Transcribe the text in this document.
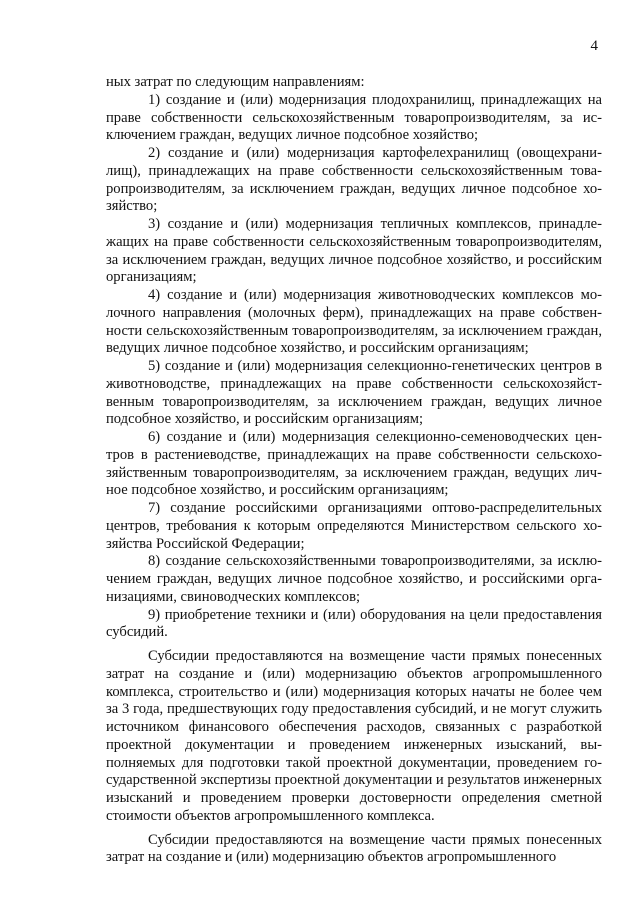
4

ных затрат по следующим направлениям:

1) создание и (или) модернизация плодохранилищ, принадлежащих на праве собственности сельскохозяйственным товаропроизводителям, за исключением граждан, ведущих личное подсобное хозяйство;

2) создание и (или) модернизация картофелехранилищ (овощехранилищ), принадлежащих на праве собственности сельскохозяйственным товаропроизводителям, за исключением граждан, ведущих личное подсобное хозяйство;

3) создание и (или) модернизация тепличных комплексов, принадлежащих на праве собственности сельскохозяйственным товаропроизводителям, за исключением граждан, ведущих личное подсобное хозяйство, и российским организациям;

4) создание и (или) модернизация животноводческих комплексов молочного направления (молочных ферм), принадлежащих на праве собственности сельскохозяйственным товаропроизводителям, за исключением граждан, ведущих личное подсобное хозяйство, и российским организациям;

5) создание и (или) модернизация селекционно-генетических центров в животноводстве, принадлежащих на праве собственности сельскохозяйственным товаропроизводителям, за исключением граждан, ведущих личное подсобное хозяйство, и российским организациям;

6) создание и (или) модернизация селекционно-семеноводческих центров в растениеводстве, принадлежащих на праве собственности сельскохозяйственным товаропроизводителям, за исключением граждан, ведущих личное подсобное хозяйство, и российским организациям;

7) создание российскими организациями оптово-распределительных центров, требования к которым определяются Министерством сельского хозяйства Российской Федерации;

8) создание сельскохозяйственными товаропроизводителями, за исключением граждан, ведущих личное подсобное хозяйство, и российскими организациями, свиноводческих комплексов;

9) приобретение техники и (или) оборудования на цели предоставления субсидий.

Субсидии предоставляются на возмещение части прямых понесенных затрат на создание и (или) модернизацию объектов агропромышленного комплекса, строительство и (или) модернизация которых начаты не более чем за 3 года, предшествующих году предоставления субсидий, и не могут служить источником финансового обеспечения расходов, связанных с разработкой проектной документации и проведением инженерных изысканий, выполняемых для подготовки такой проектной документации, проведением государственной экспертизы проектной документации и результатов инженерных изысканий и проведением проверки достоверности определения сметной стоимости объектов агропромышленного комплекса.

Субсидии предоставляются на возмещение части прямых понесенных затрат на создание и (или) модернизацию объектов агропромышленного
